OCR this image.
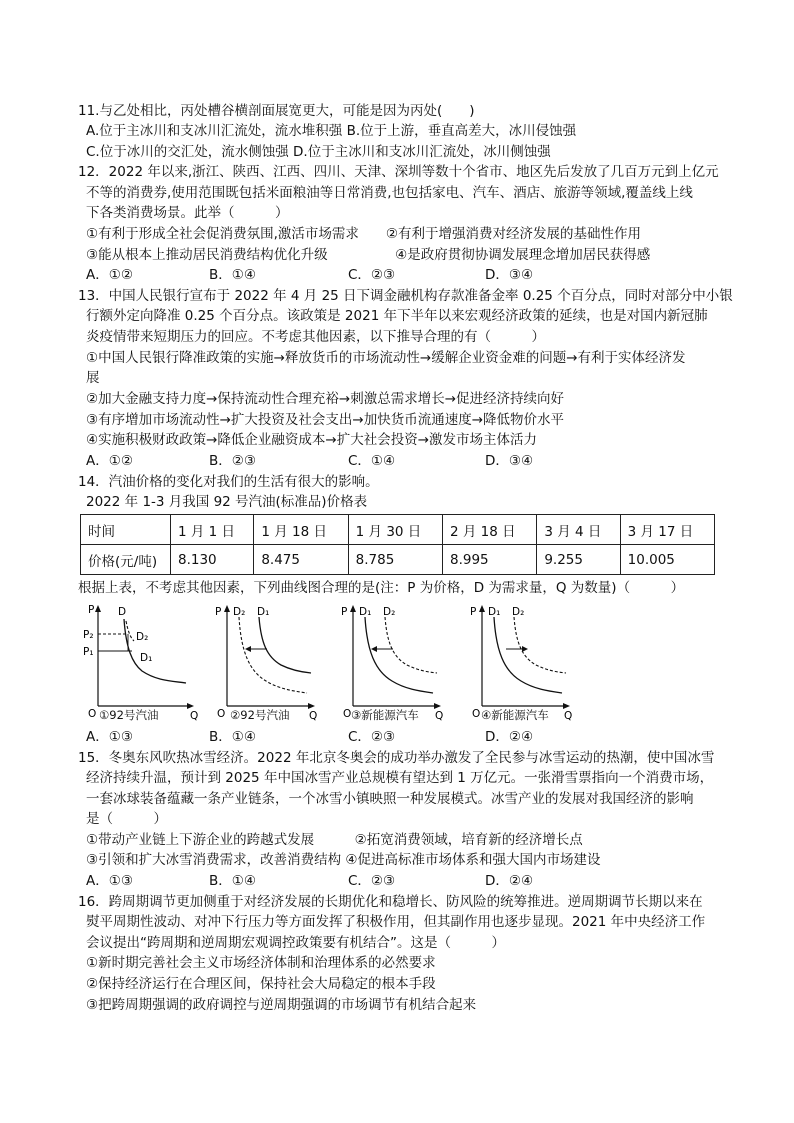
11.与乙处相比，丙处槽谷横剖面展宽更大，可能是因为丙处(　　)
A.位于主冰川和支冰川汇流处，流水堆积强 B.位于上游，垂直高差大，冰川侵蚀强
C.位于冰川的交汇处，流水侧蚀强 D.位于主冰川和支冰川汇流处，冰川侧蚀强
12．2022 年以来,浙江、陕西、江西、四川、天津、深圳等数十个省市、地区先后发放了几百万元到上亿元
不等的消费券,使用范围既包括米面粮油等日常消费,也包括家电、汽车、酒店、旅游等领域,覆盖线上线
下各类消费场景。此举（　　　）
①有利于形成全社会促消费氛围,激活市场需求　　②有利于增强消费对经济发展的基础性作用
③能从根本上推动居民消费结构优化升级　　　　　④是政府贯彻协调发展理念增加居民获得感
A．①②	B．①④	C．②③	D．③④
13．中国人民银行宣布于 2022 年 4 月 25 日下调金融机构存款准备金率 0.25 个百分点，同时对部分中小银
行额外定向降准 0.25 个百分点。该政策是 2021 年下半年以来宏观经济政策的延续，也是对国内新冠肺
炎疫情带来短期压力的回应。不考虑其他因素，以下推导合理的有（　　　）
①中国人民银行降准政策的实施→释放货币的市场流动性→缓解企业资金难的问题→有利于实体经济发
展
②加大金融支持力度→保持流动性合理充裕→刺激总需求增长→促进经济持续向好
③有序增加市场流动性→扩大投资及社会支出→加快货币流通速度→降低物价水平
④实施积极财政政策→降低企业融资成本→扩大社会投资→激发市场主体活力
A．①②	B．②③	C．①④	D．③④
14．汽油价格的变化对我们的生活有很大的影响。
2022 年 1-3 月我国 92 号汽油(标准品)价格表
时间	1 月 1 日	1 月 18 日	1 月 30 日	2 月 18 日	3 月 4 日	3 月 17 日
价格(元/吨)	8.130	8.475	8.785	8.995	9.255	10.005
根据上表，不考虑其他因素，下列曲线图合理的是(注：P 为价格，D 为需求量，Q 为数量)（　　　）
P
Q
O
D
D₂
D₁
P₂
P₁
P
Q
O
D₂ D₁	P
Q
O
D₁ D₂	P
Q
O
D₁ D₂
①92号汽油	②92号汽油	③新能源汽车	④新能源汽车
A．①③	B．①④	C．②③	D．②④
15．冬奥东风吹热冰雪经济。2022 年北京冬奥会的成功举办激发了全民参与冰雪运动的热潮，使中国冰雪
经济持续升温，预计到 2025 年中国冰雪产业总规模有望达到 1 万亿元。一张滑雪票指向一个消费市场，
一套冰球装备蕴藏一条产业链条，一个冰雪小镇映照一种发展模式。冰雪产业的发展对我国经济的影响
是（　　　）
①带动产业链上下游企业的跨越式发展　　　②拓宽消费领域，培育新的经济增长点
③引领和扩大冰雪消费需求，改善消费结构 ④促进高标准市场体系和强大国内市场建设
A．①③	B．①④	C．②③	D．②④
16．跨周期调节更加侧重于对经济发展的长期优化和稳增长、防风险的统筹推进。逆周期调节长期以来在
熨平周期性波动、对冲下行压力等方面发挥了积极作用，但其副作用也逐步显现。2021 年中央经济工作
会议提出“跨周期和逆周期宏观调控政策要有机结合”。这是（　　　）
①新时期完善社会主义市场经济体制和治理体系的必然要求
②保持经济运行在合理区间，保持社会大局稳定的根本手段
③把跨周期强调的政府调控与逆周期强调的市场调节有机结合起来
